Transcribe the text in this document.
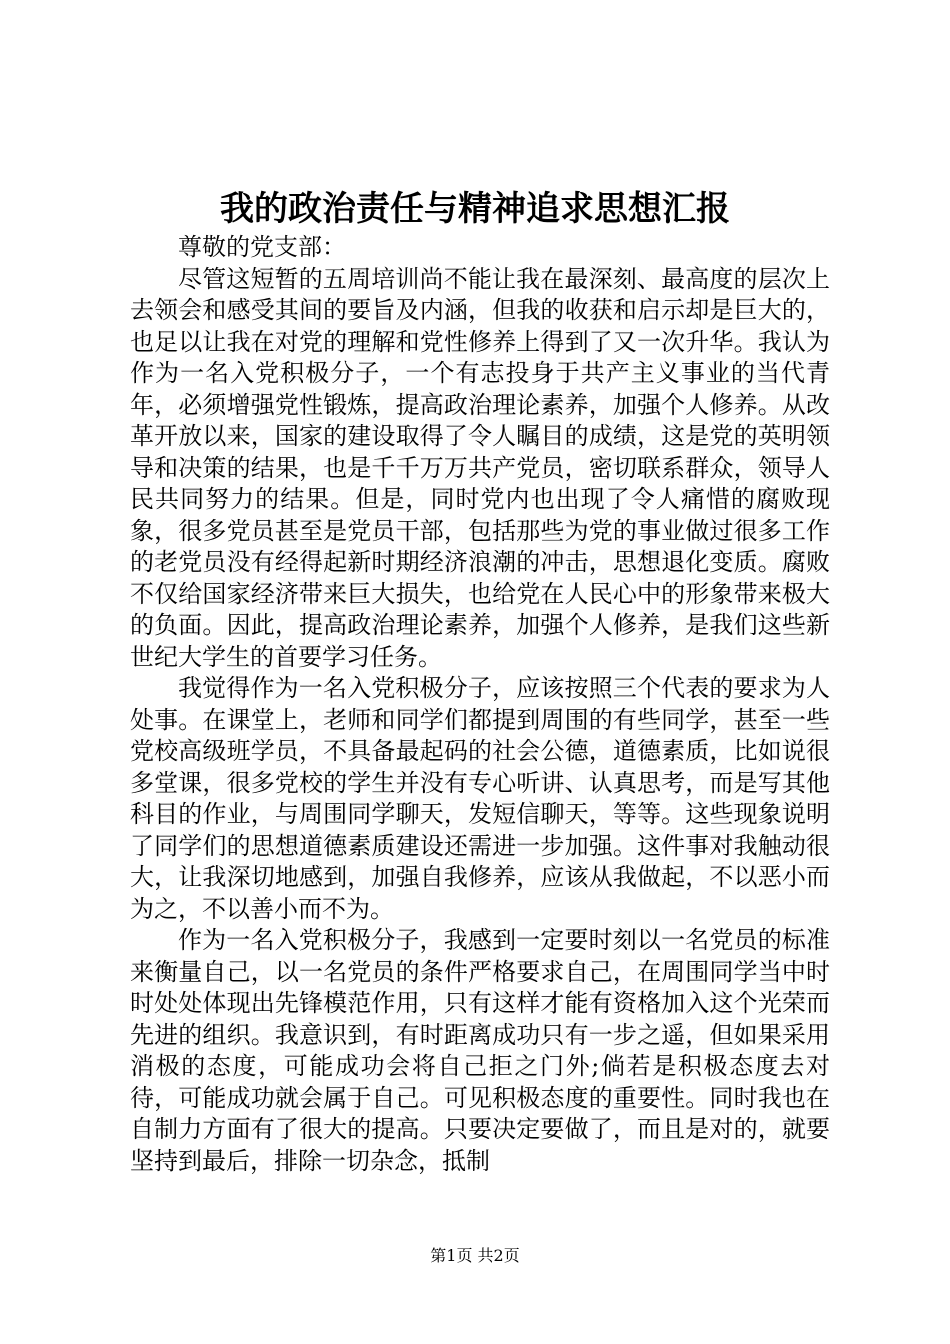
我的政治责任与精神追求思想汇报

尊敬的党支部：

尽管这短暂的五周培训尚不能让我在最深刻、最高度的层次上去领会和感受其间的要旨及内涵，但我的收获和启示却是巨大的，也足以让我在对党的理解和党性修养上得到了又一次升华。我认为作为一名入党积极分子，一个有志投身于共产主义事业的当代青年，必须增强党性锻炼，提高政治理论素养，加强个人修养。从改革开放以来，国家的建设取得了令人瞩目的成绩，这是党的英明领导和决策的结果，也是千千万万共产党员，密切联系群众，领导人民共同努力的结果。但是，同时党内也出现了令人痛惜的腐败现象，很多党员甚至是党员干部，包括那些为党的事业做过很多工作的老党员没有经得起新时期经济浪潮的冲击，思想退化变质。腐败不仅给国家经济带来巨大损失，也给党在人民心中的形象带来极大的负面。因此，提高政治理论素养，加强个人修养，是我们这些新世纪大学生的首要学习任务。

我觉得作为一名入党积极分子，应该按照三个代表的要求为人处事。在课堂上，老师和同学们都提到周围的有些同学，甚至一些党校高级班学员，不具备最起码的社会公德，道德素质，比如说很多堂课，很多党校的学生并没有专心听讲、认真思考，而是写其他科目的作业，与周围同学聊天，发短信聊天，等等。这些现象说明了同学们的思想道德素质建设还需进一步加强。这件事对我触动很大，让我深切地感到，加强自我修养，应该从我做起，不以恶小而为之，不以善小而不为。

作为一名入党积极分子，我感到一定要时刻以一名党员的标准来衡量自己，以一名党员的条件严格要求自己，在周围同学当中时时处处体现出先锋模范作用，只有这样才能有资格加入这个光荣而先进的组织。我意识到，有时距离成功只有一步之遥，但如果采用消极的态度，可能成功会将自己拒之门外;倘若是积极态度去对待，可能成功就会属于自己。可见积极态度的重要性。同时我也在自制力方面有了很大的提高。只要决定要做了，而且是对的，就要坚持到最后，排除一切杂念，抵制

第1页 共2页
